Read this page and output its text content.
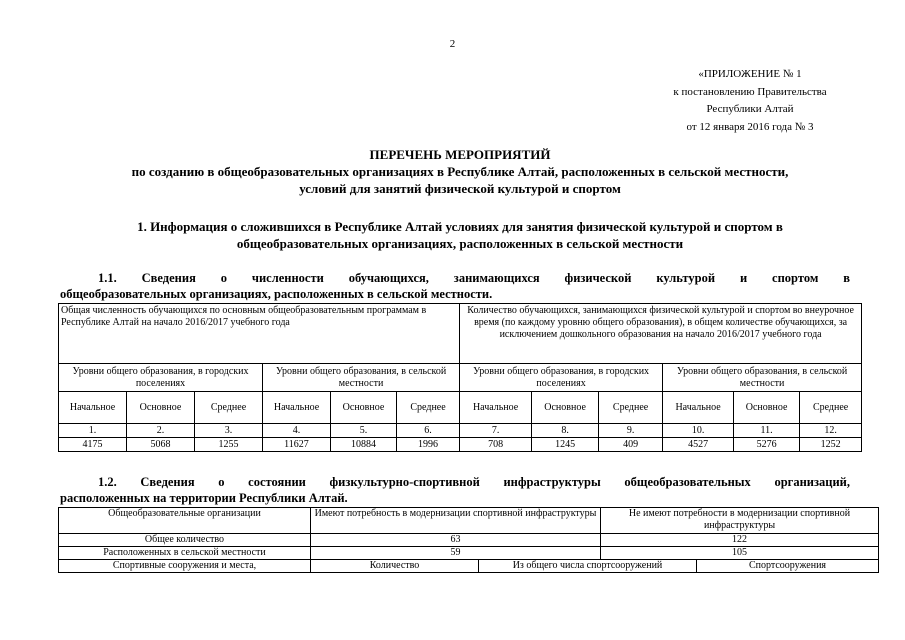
2
«ПРИЛОЖЕНИЕ № 1
к постановлению Правительства
Республики Алтай
от 12 января 2016 года № 3
ПЕРЕЧЕНЬ МЕРОПРИЯТИЙ
по созданию в общеобразовательных организациях в Республике Алтай, расположенных в сельской местности,
условий для занятий физической культурой и спортом
1. Информация о сложившихся в Республике Алтай условиях для занятия физической культурой и спортом в
общеобразовательных организациях, расположенных в сельской местности
1.1. Сведения о численности обучающихся, занимающихся физической культурой и спортом в
общеобразовательных организациях, расположенных в сельской местности.
Общая численность обучающихся по основным общеобразовательным программам в Республике Алтай на начало 2016/2017 учебного года						Количество обучающихся, занимающихся физической культурой и спортом во внеурочное время (по каждому уровню общего образования), в общем количестве обучающихся, за исключением дошкольного образования на начало 2016/2017 учебного года					
Уровни общего образования, в городских поселениях			Уровни общего образования, в сельской местности			Уровни общего образования, в городских поселениях			Уровни общего образования, в сельской местности		
Начальное	Основное	Среднее	Начальное	Основное	Среднее	Начальное	Основное	Среднее	Начальное	Основное	Среднее
1.	2.	3.	4.	5.	6.	7.	8.	9.	10.	11.	12.
4175	5068	1255	11627	10884	1996	708	1245	409	4527	5276	1252
1.2. Сведения о состоянии физкультурно-спортивной инфраструктуры общеобразовательных организаций,
расположенных на территории Республики Алтай.
Общеобразовательные организации	Имеют потребность в модернизации спортивной инфраструктуры		Не имеют потребности в модернизации спортивной инфраструктуры	
Общее количество	63		122	
Расположенных в сельской местности	59		105	
Спортивные сооружения и места,	Количество	Из общего числа спортсооружений		Спортсооружения
